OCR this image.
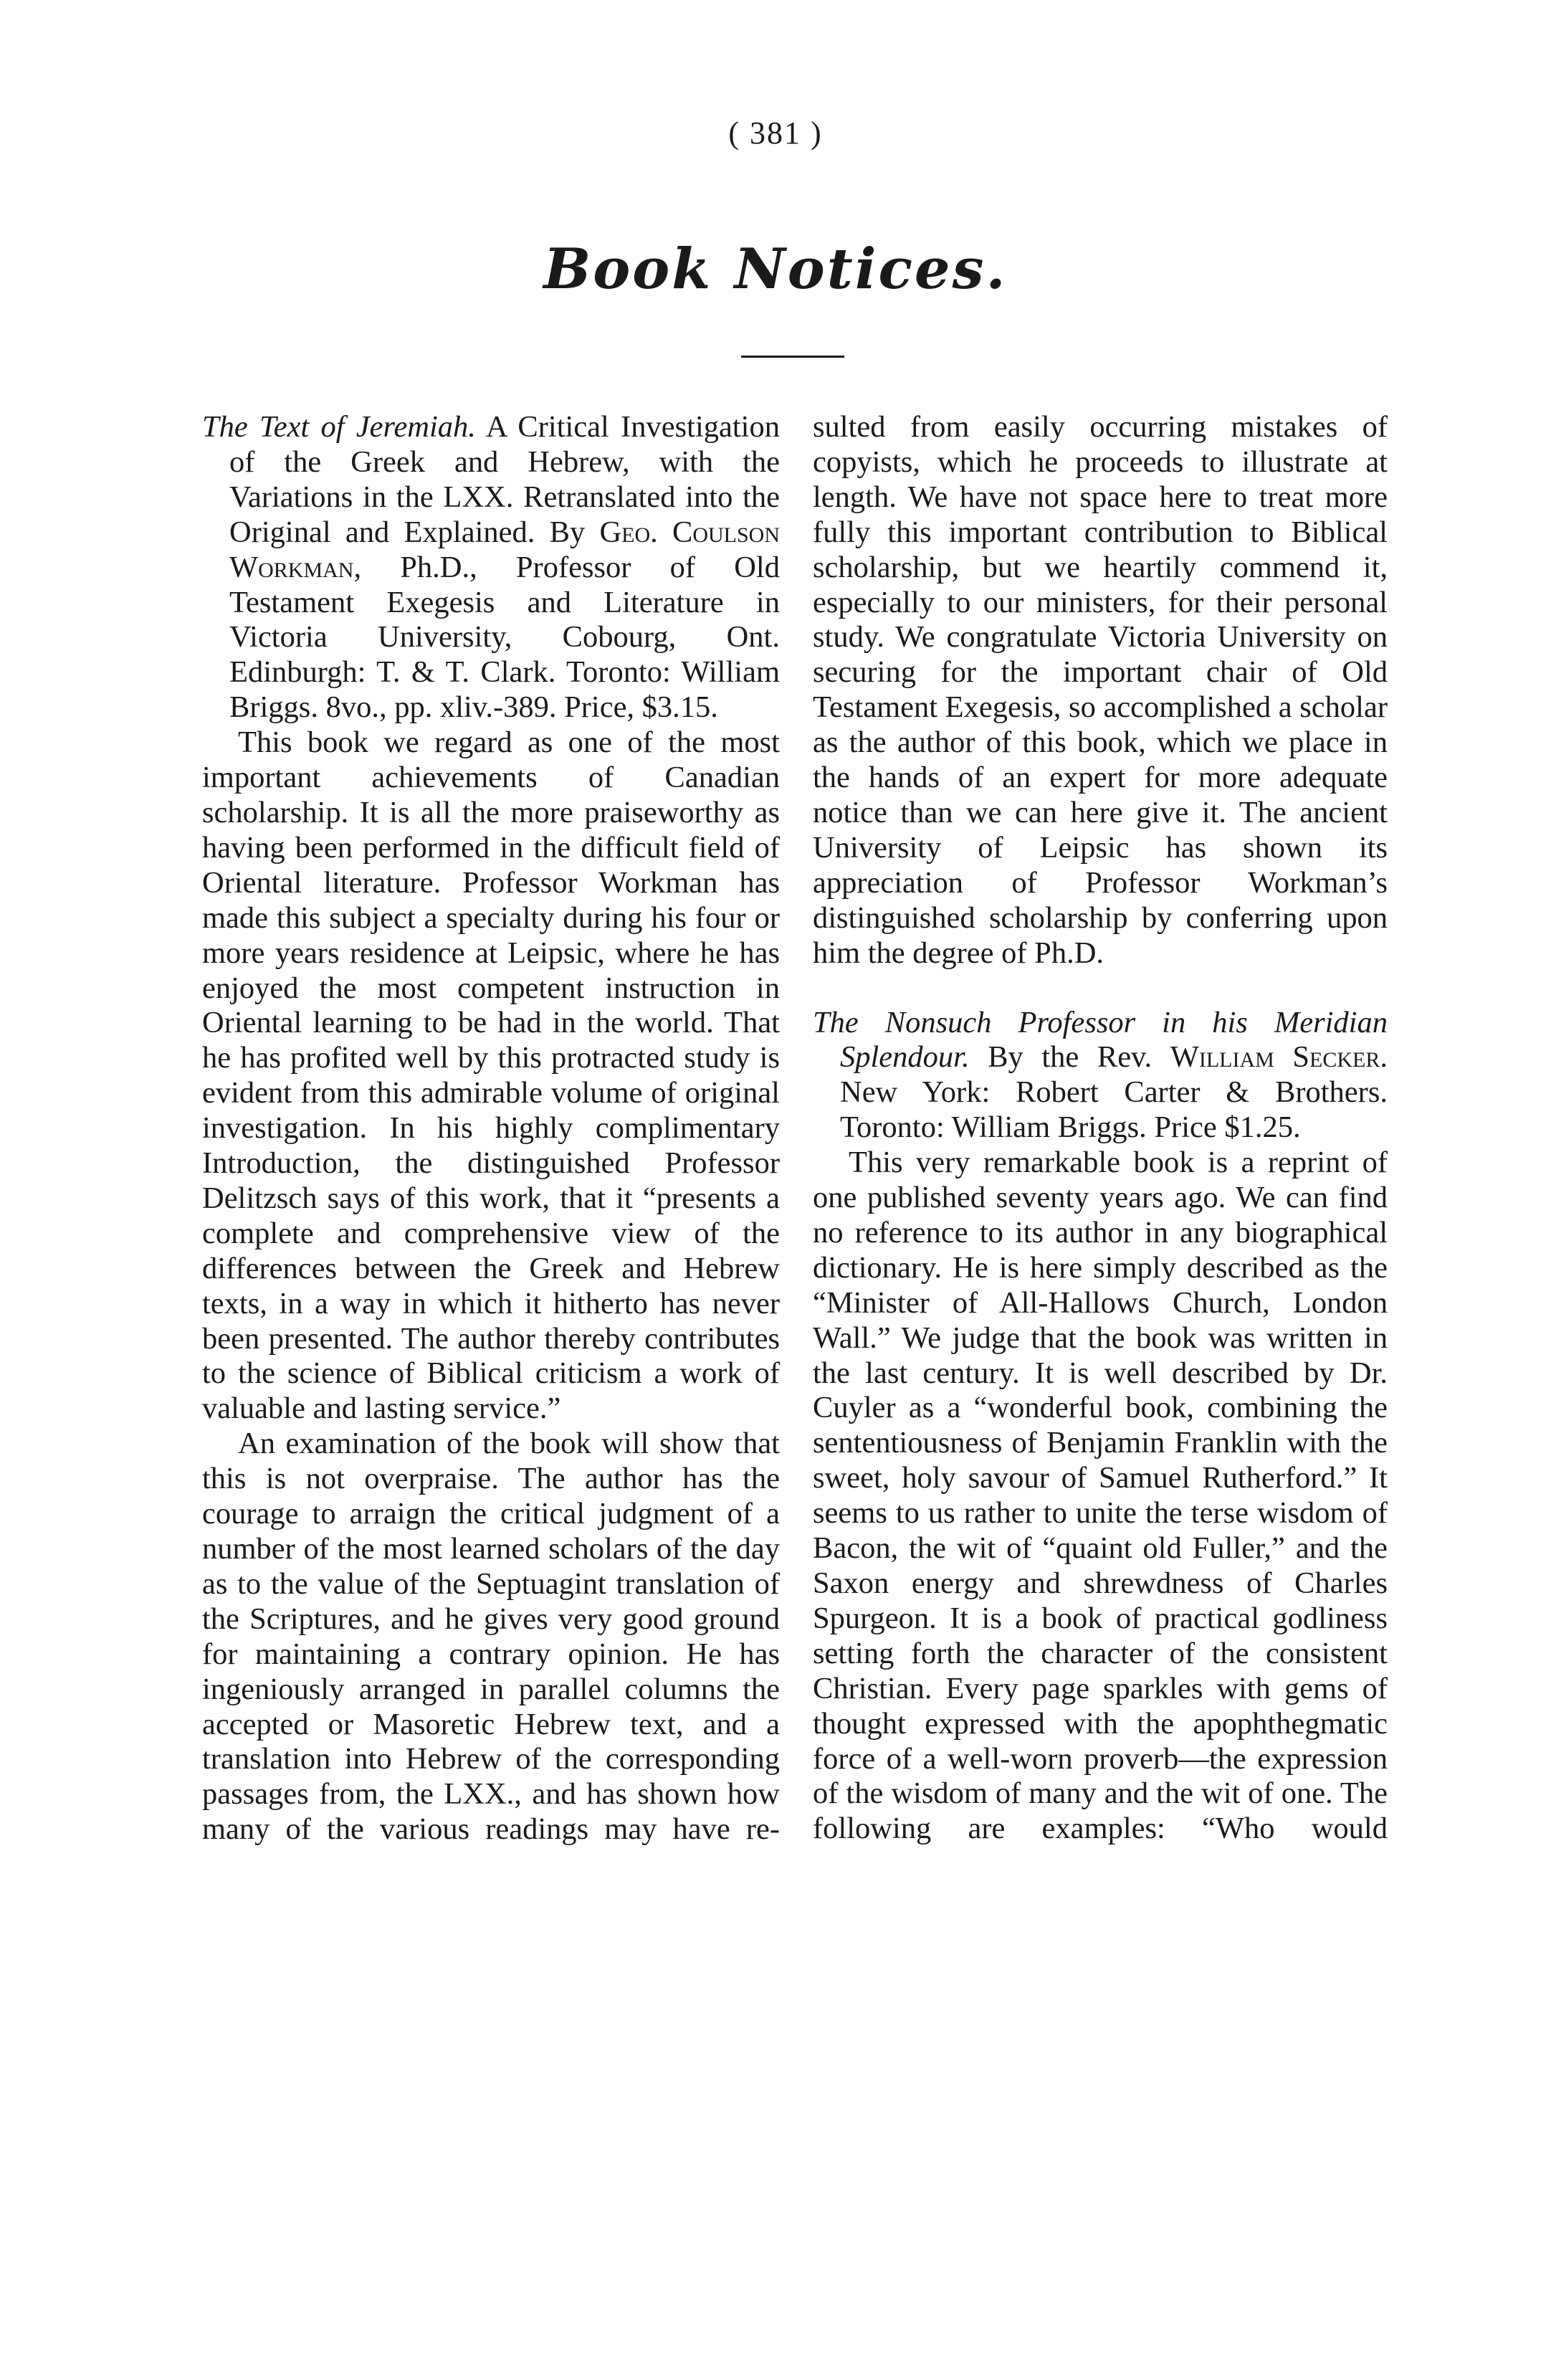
( 381 )
Book Notices.

The Text of Jeremiah. A Critical Investigation of the Greek and Hebrew, with the Variations in the LXX. Retranslated into the Original and Explained. By Geo. Coulson Workman, Ph.D., Professor of Old Testament Exegesis and Literature in Victoria University, Cobourg, Ont. Edinburgh: T. & T. Clark. Toronto: William Briggs. 8vo., pp. xliv.-389. Price, $3.15.

This book we regard as one of the most important achievements of Canadian scholarship. It is all the more praiseworthy as having been performed in the difficult field of Oriental literature. Professor Workman has made this subject a specialty during his four or more years residence at Leipsic, where he has enjoyed the most competent instruction in Oriental learning to be had in the world. That he has profited well by this protracted study is evident from this admirable volume of original investigation. In his highly complimentary Introduction, the distinguished Professor Delitzsch says of this work, that it “presents a complete and comprehensive view of the differences between the Greek and Hebrew texts, in a way in which it hitherto has never been presented. The author thereby contributes to the science of Biblical criticism a work of valuable and lasting service.”

An examination of the book will show that this is not overpraise. The author has the courage to arraign the critical judgment of a number of the most learned scholars of the day as to the value of the Septuagint translation of the Scriptures, and he gives very good ground for maintaining a contrary opinion. He has ingeniously arranged in parallel columns the accepted or Masoretic Hebrew text, and a translation into Hebrew of the corresponding passages from, the LXX., and has shown how many of the various readings may have re-

sulted from easily occurring mistakes of copyists, which he proceeds to illustrate at length. We have not space here to treat more fully this important contribution to Biblical scholarship, but we heartily commend it, especially to our ministers, for their personal study. We congratulate Victoria University on securing for the important chair of Old Testament Exegesis, so accomplished a scholar as the author of this book, which we place in the hands of an expert for more adequate notice than we can here give it. The ancient University of Leipsic has shown its appreciation of Professor Workman’s distinguished scholarship by conferring upon him the degree of Ph.D.

The Nonsuch Professor in his Meridian Splendour. By the Rev. William Secker. New York: Robert Carter & Brothers. Toronto: William Briggs. Price $1.25.

This very remarkable book is a reprint of one published seventy years ago. We can find no reference to its author in any biographical dictionary. He is here simply described as the “Minister of All-Hallows Church, London Wall.” We judge that the book was written in the last century. It is well described by Dr. Cuyler as a “wonderful book, combining the sententiousness of Benjamin Franklin with the sweet, holy savour of Samuel Rutherford.” It seems to us rather to unite the terse wisdom of Bacon, the wit of “quaint old Fuller,” and the Saxon energy and shrewdness of Charles Spurgeon. It is a book of practical godliness setting forth the character of the consistent Christian. Every page sparkles with gems of thought expressed with the apophthegmatic force of a well-worn proverb—the expression of the wisdom of many and the wit of one. The following are examples: “Who would
